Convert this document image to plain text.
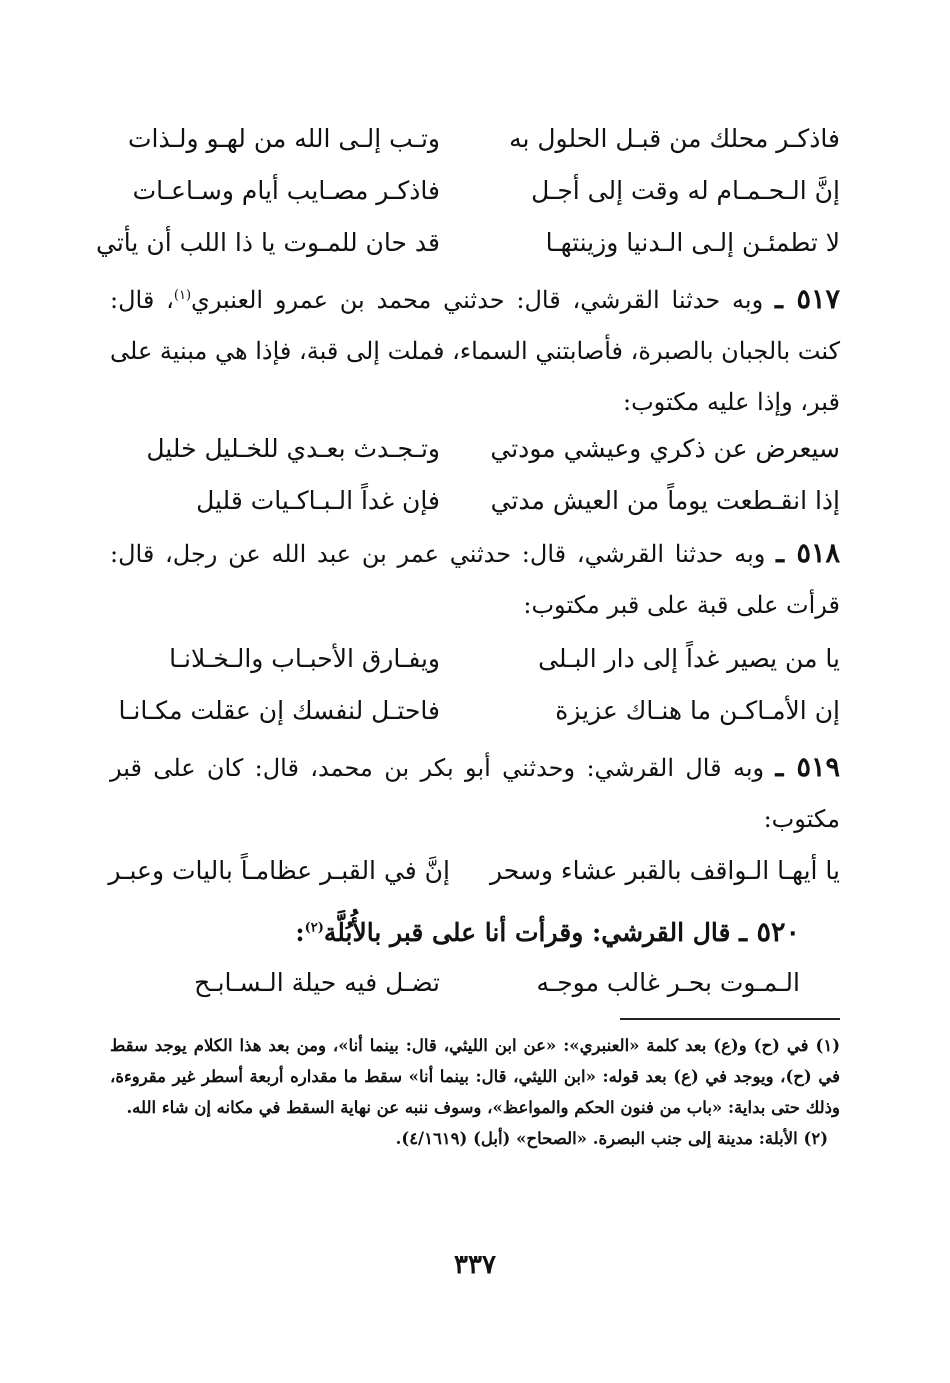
فاذكـر محلك من قبـل الحلول به
وتـب إلـى الله من لهـو ولـذات
إنَّ الـحـمـام له وقت إلى أجـل
فاذكـر مصـايب أيام وسـاعـات
لا تطمئـن إلـى الـدنيا وزينتهـا
قد حان للمـوت يا ذا اللب أن يأتي
٥١٧ ـ وبه حدثنا القرشي، قال: حدثني محمد بن عمرو العنبري$^{(١)}$، قال: كنت بالجبان بالصبرة، فأصابتني السماء، فملت إلى قبة، فإذا هي مبنية على قبر، وإذا عليه مكتوب:
سيعرض عن ذكري وعيشي مودتي
وتـجـدث بعـدي للخـليل خليل
إذا انقـطعت يوماً من العيش مدتي
فإن غداً الـبـاكـيات قليل
٥١٨ ـ وبه حدثنا القرشي، قال: حدثني عمر بن عبد الله عن رجل، قال: قرأت على قبة على قبر مكتوب:
يا من يصير غداً إلى دار البـلى
ويفـارق الأحبـاب والـخـلانـا
إن الأمـاكـن ما هنـاك عزيزة
فاحتـل لنفسك إن عقلت مكـانـا
٥١٩ ـ وبه قال القرشي: وحدثني أبو بكر بن محمد، قال: كان على قبر مكتوب:
يا أيهـا الـواقف بالقبر عشاء وسحر
إنَّ في القبـر عظامـاً باليات وعبـر
٥٢٠ ـ قال القرشي: وقرأت أنا على قبر بالأُبُلَّة$^{(٢)}$:
الـمـوت بحـر غالب موجـه
تضـل فيه حيلة الـسـابـح
(١) في (ح) و(ع) بعد كلمة «العنبري»: «عن ابن الليثي، قال: بينما أنا»، ومن بعد هذا الكلام يوجد سقط في (ح)، ويوجد في (ع) بعد قوله: «ابن الليثي، قال: بينما أنا» سقط ما مقداره أربعة أسطر غير مقروءة، وذلك حتى بداية: «باب من فنون الحكم والمواعظ»، وسوف ننبه عن نهاية السقط في مكانه إن شاء الله.
(٢) الأبلة: مدينة إلى جنب البصرة. «الصحاح» (أبل) (٤/١٦١٩).
٣٣٧
